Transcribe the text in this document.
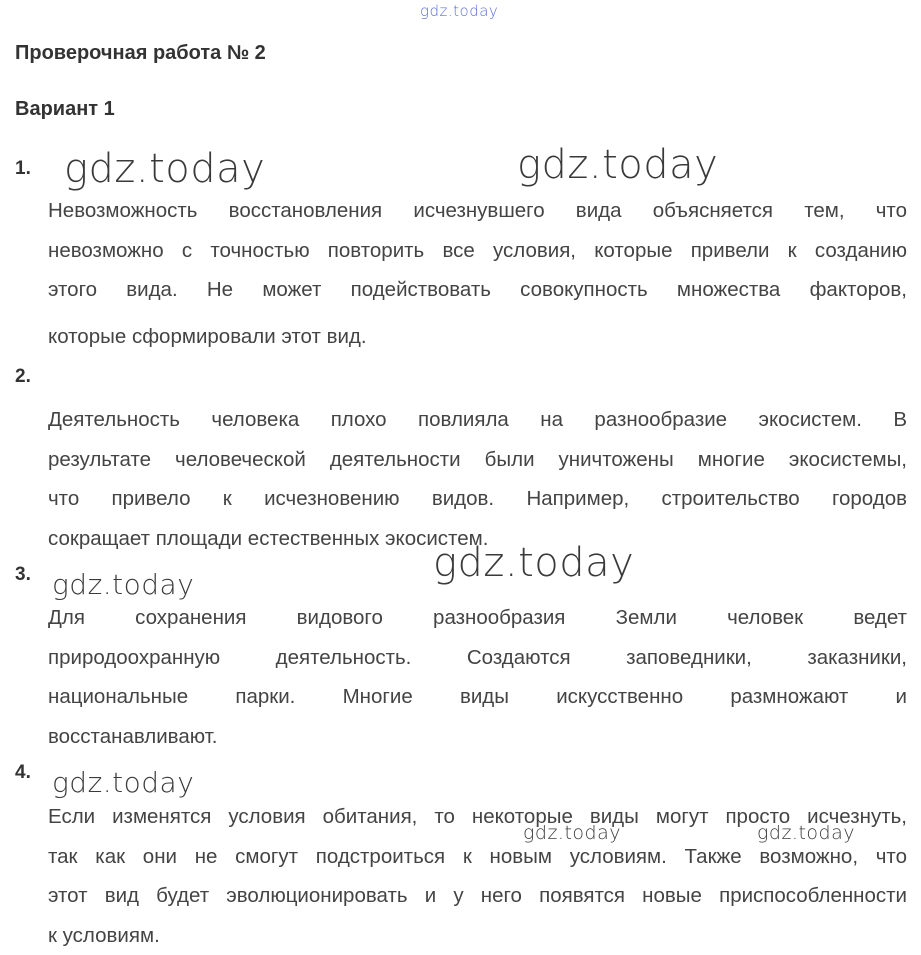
gdz.today
Проверочная работа № 2
Вариант 1
1.

Невозможность восстановления исчезнувшего вида объясняется тем, что
невозможно с точностью повторить все условия, которые привели к созданию
этого вида. Не может подействовать совокупность множества факторов,
которые сформировали этот вид.

2.

Деятельность человека плохо повлияла на разнообразие экосистем. В
результате человеческой деятельности были уничтожены многие экосистемы,
что привело к исчезновению видов. Например, строительство городов
сокращает площади естественных экосистем.

3.

Для сохранения видового разнообразия Земли человек ведет
природоохранную деятельность. Создаются заповедники, заказники,
национальные парки. Многие виды искусственно размножают и
восстанавливают.

4.

Если изменятся условия обитания, то некоторые виды могут просто исчезнуть,
так как они не смогут подстроиться к новым условиям. Также возможно, что
этот вид будет эволюционировать и у него появятся новые приспособленности
к условиям.

gdz.today	gdz.today
gdz.today
gdz.today
gdz.today
gdz.today	gdz.today
